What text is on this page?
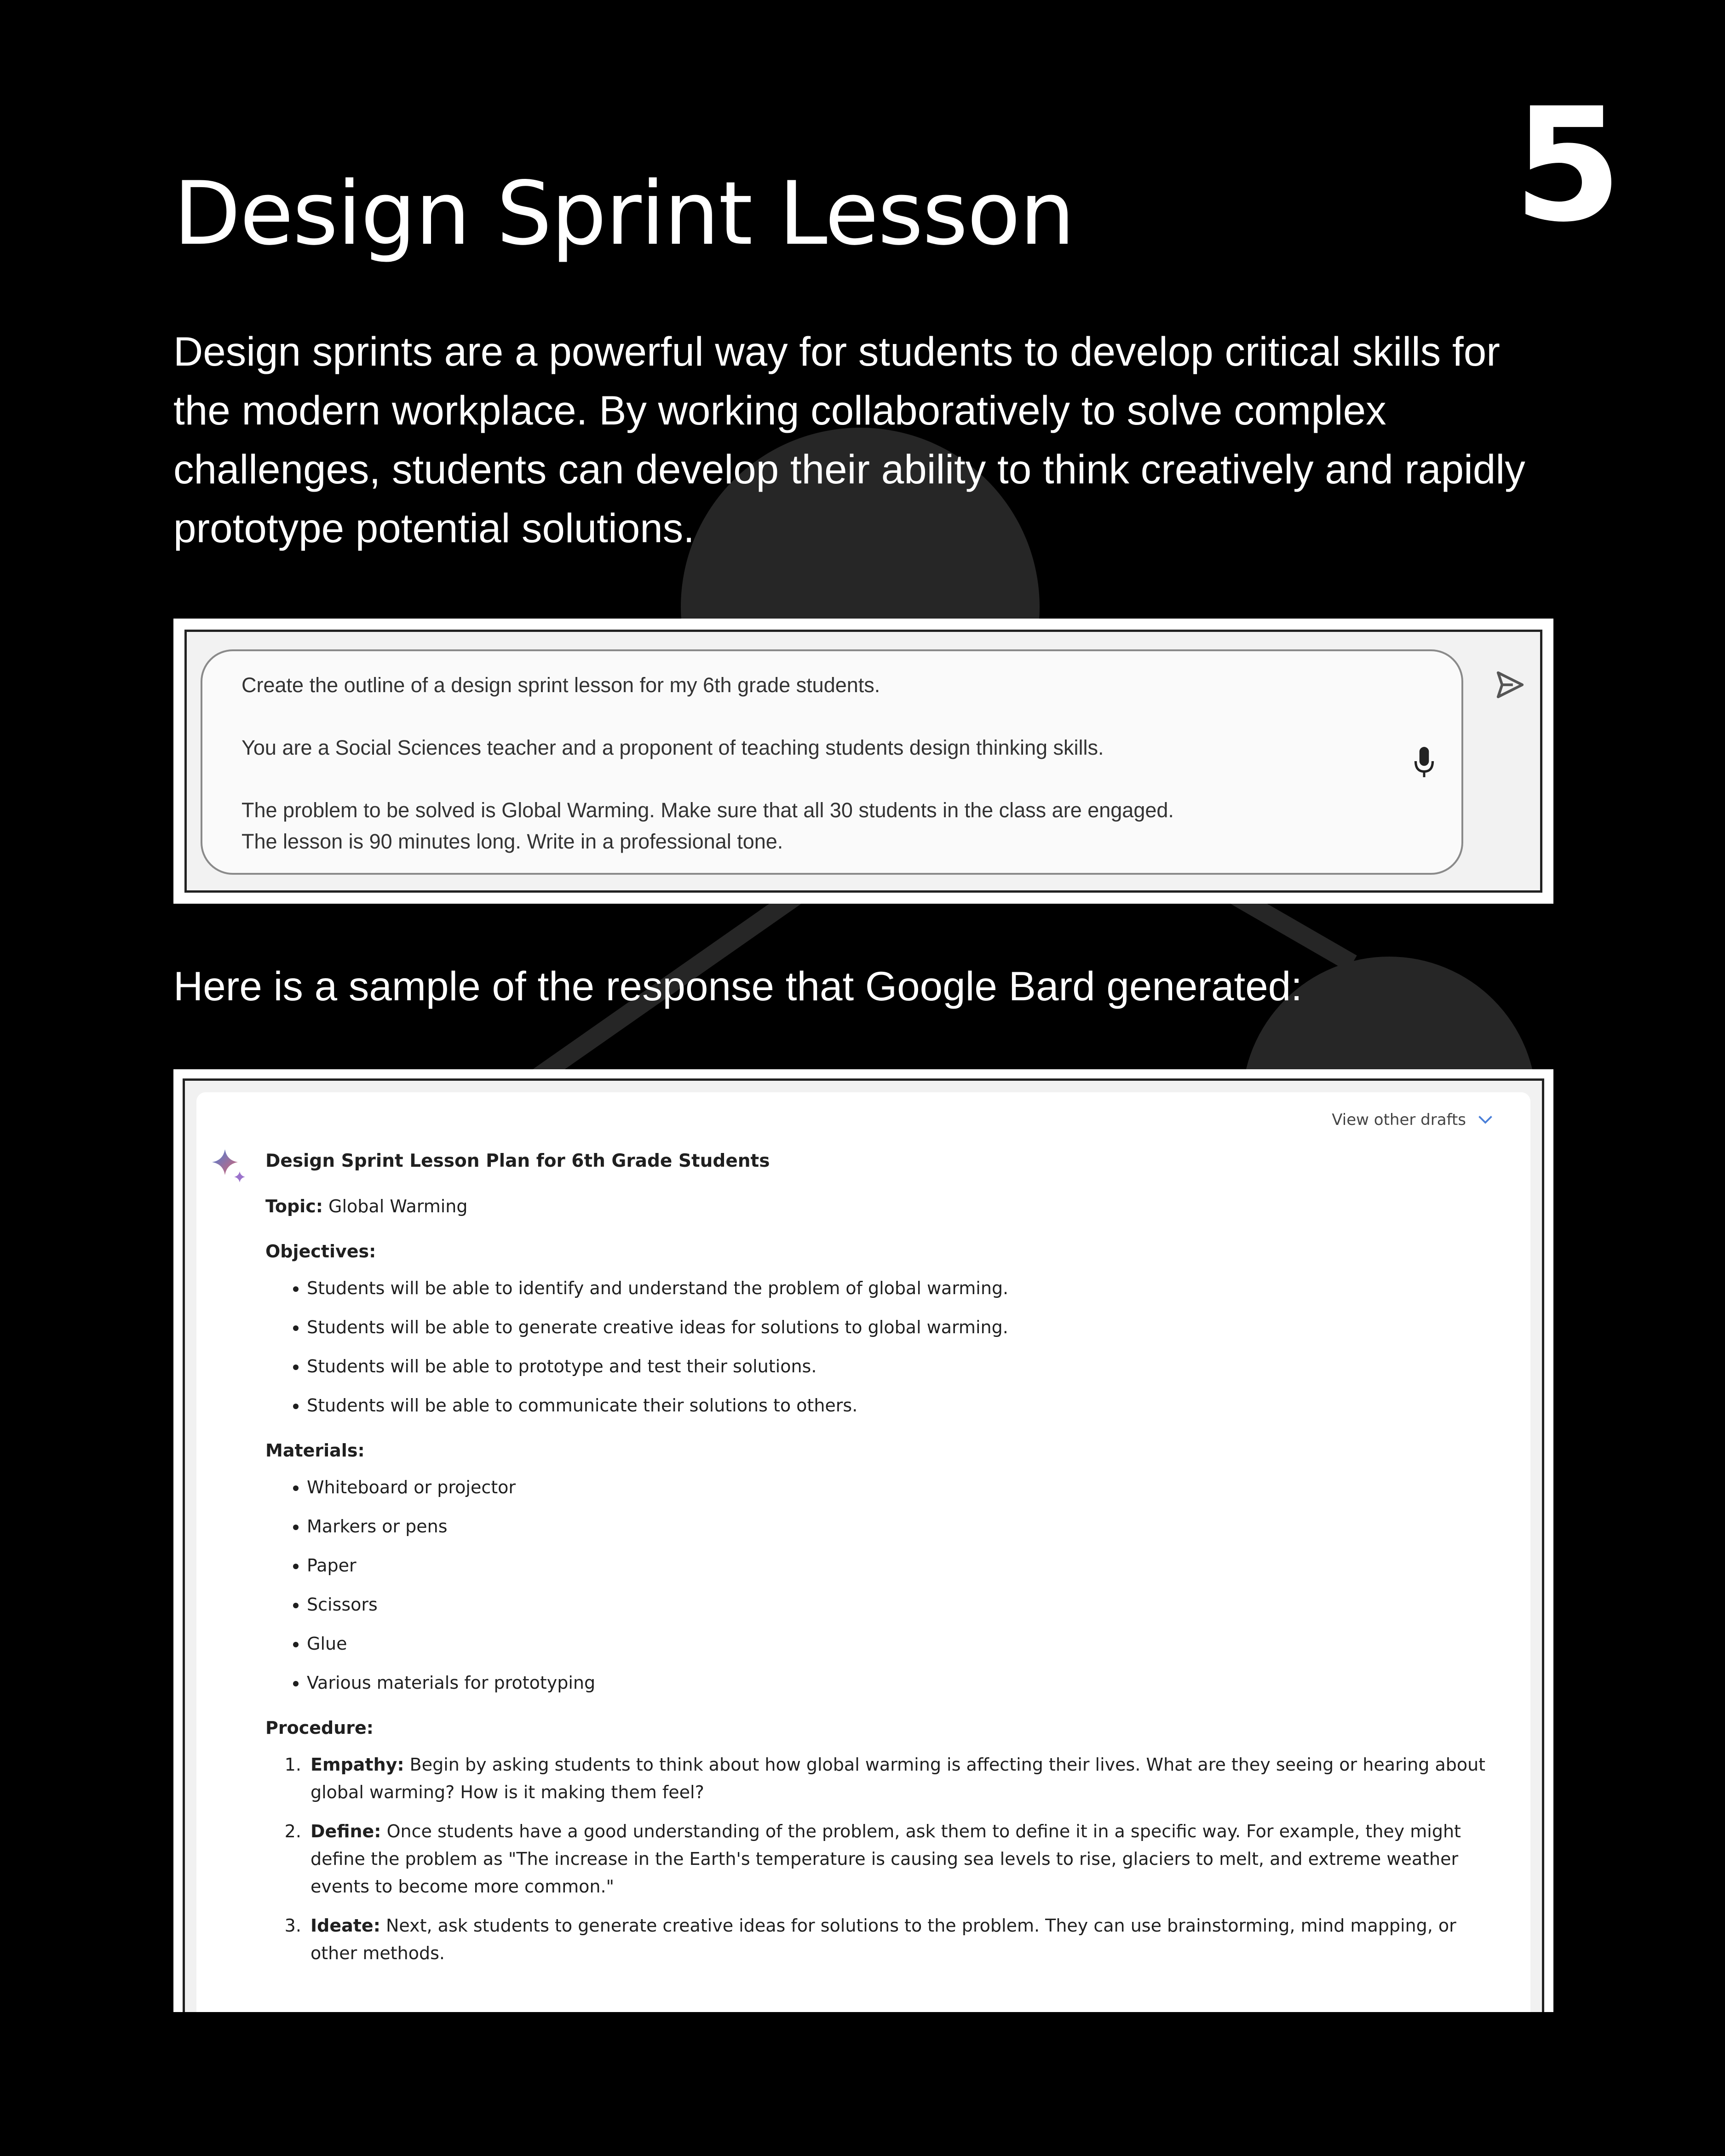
5
Design Sprint Lesson

Design sprints are a powerful way for students to develop critical skills for the modern workplace. By working collaboratively to solve complex challenges, students can develop their ability to think creatively and rapidly prototype potential solutions.

Create the outline of a design sprint lesson for my 6th grade students.

You are a Social Sciences teacher and a proponent of teaching students design thinking skills.

The problem to be solved is Global Warming. Make sure that all 30 students in the class are engaged.

The lesson is 90 minutes long. Write in a professional tone.

Here is a sample of the response that Google Bard generated:

View other drafts

Design Sprint Lesson Plan for 6th Grade Students

Topic: Global Warming

Objectives:

• Students will be able to identify and understand the problem of global warming.
• Students will be able to generate creative ideas for solutions to global warming.
• Students will be able to prototype and test their solutions.
• Students will be able to communicate their solutions to others.

Materials:

• Whiteboard or projector
• Markers or pens
• Paper
• Scissors
• Glue
• Various materials for prototyping

Procedure:

1. Empathy: Begin by asking students to think about how global warming is affecting their lives. What are they seeing or hearing about global warming? How is it making them feel?
2. Define: Once students have a good understanding of the problem, ask them to define it in a specific way. For example, they might define the problem as "The increase in the Earth's temperature is causing sea levels to rise, glaciers to melt, and extreme weather events to become more common."
3. Ideate: Next, ask students to generate creative ideas for solutions to the problem. They can use brainstorming, mind mapping, or other methods.
